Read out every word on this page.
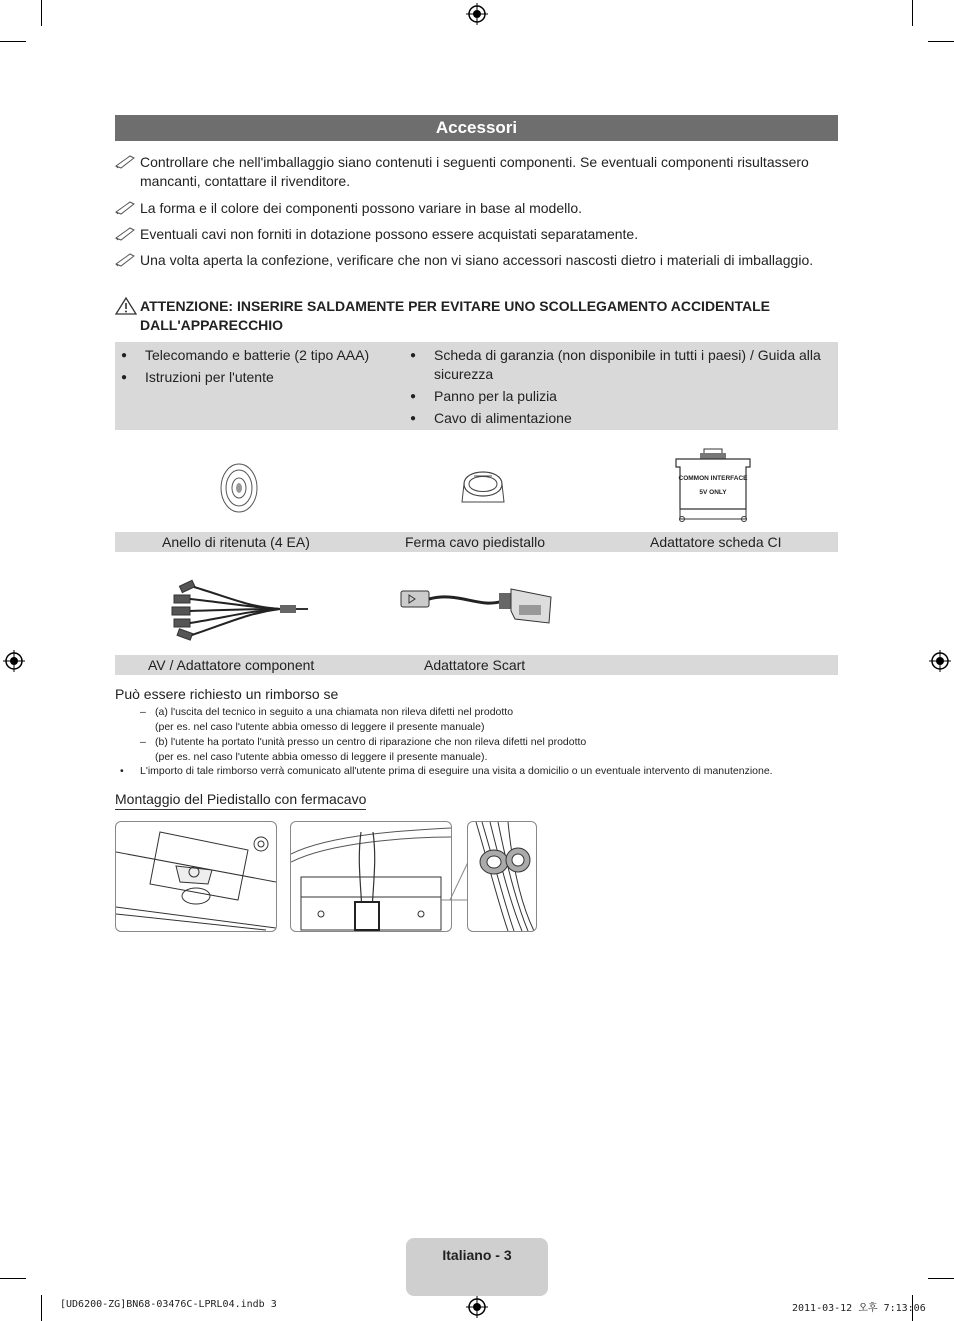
Accessori
Controllare che nell'imballaggio siano contenuti i seguenti componenti. Se eventuali componenti risultassero mancanti, contattare il rivenditore.
La forma e il colore dei componenti possono variare in base al modello.
Eventuali cavi non forniti in dotazione possono essere acquistati separatamente.
Una volta aperta la confezione, verificare che non vi siano accessori nascosti dietro i materiali di imballaggio.
ATTENZIONE: INSERIRE SALDAMENTE PER EVITARE UNO SCOLLEGAMENTO ACCIDENTALE DALL'APPARECCHIO
● Telecomando e batterie (2 tipo AAA)
● Istruzioni per l'utente
● Scheda di garanzia (non disponibile in tutti i paesi) / Guida alla sicurezza
● Panno per la pulizia
● Cavo di alimentazione
COMMON INTERFACE
5V ONLY
Anello di ritenuta (4 EA)	Ferma cavo piedistallo	Adattatore scheda CI
AV / Adattatore component	Adattatore Scart
Può essere richiesto un rimborso se
– (a) l'uscita del tecnico in seguito a una chiamata non rileva difetti nel prodotto
(per es. nel caso l'utente abbia omesso di leggere il presente manuale)
– (b) l'utente ha portato l'unità presso un centro di riparazione che non rileva difetti nel prodotto
(per es. nel caso l'utente abbia omesso di leggere il presente manuale).
• L'importo di tale rimborso verrà comunicato all'utente prima di eseguire una visita a domicilio o un eventuale intervento di manutenzione.
Montaggio del Piedistallo con fermacavo
Italiano - 3
[UD6200-ZG]BN68-03476C-LPRL04.indb 3	2011-03-12 오후 7:13:06
